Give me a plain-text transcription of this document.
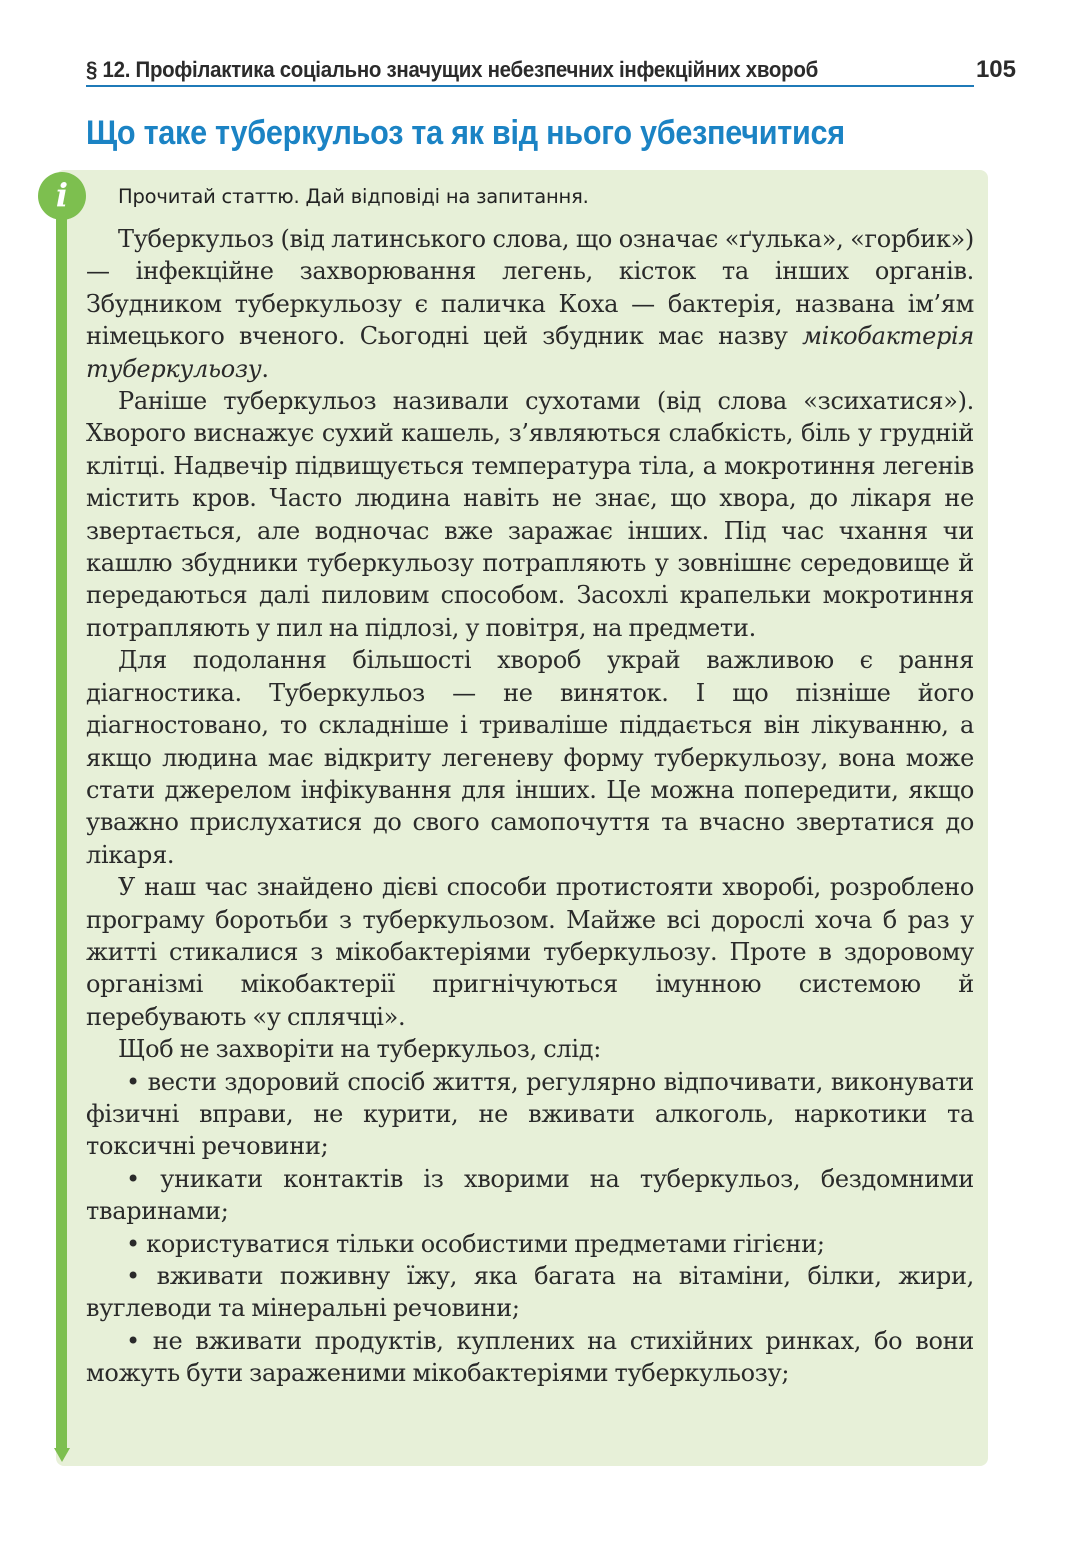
§ 12. Профілактика соціально значущих небезпечних інфекційних хвороб	105
Що таке туберкульоз та як від нього убезпечитися
i	Прочитай статтю. Дай відповіді на запитання.

Туберкульоз (від латинського слова, що означає «ґулька», «горбик») — інфекційне захворювання легень, кісток та інших органів. Збудником туберкульозу є паличка Коха — бактерія, названа ім’ям німецького вченого. Сьогодні цей збудник має назву мікобактерія туберкульозу.

Раніше туберкульоз називали сухотами (від слова «зсихатися»). Хворого виснажує сухий кашель, з’являються слабкість, біль у грудній клітці. Надвечір підвищується температура тіла, а мокротиння легенів містить кров. Часто людина навіть не знає, що хвора, до лікаря не звертається, але водночас вже заражає інших. Під час чхання чи кашлю збудники туберкульозу потрапляють у зовнішнє середовище й передаються далі пиловим способом. Засохлі крапельки мокротиння потрапляють у пил на підлозі, у повітря, на предмети.

Для подолання більшості хвороб украй важливою є рання діагностика. Туберкульоз — не виняток. І що пізніше його діагностовано, то складніше і триваліше піддається він лікуванню, а якщо людина має відкриту легеневу форму туберкульозу, вона може стати джерелом інфікування для інших. Це можна попередити, якщо уважно прислухатися до свого самопочуття та вчасно звертатися до лікаря.

У наш час знайдено дієві способи протистояти хворобі, розроблено програму боротьби з туберкульозом. Майже всі дорослі хоча б раз у житті стикалися з мікобактеріями туберкульозу. Проте в здоровому організмі мікобактерії пригнічуються імунною системою й перебувають «у сплячці».

Щоб не захворіти на туберкульоз, слід:

• вести здоровий спосіб життя, регулярно відпочивати, виконувати фізичні вправи, не курити, не вживати алкоголь, наркотики та токсичні речовини;

• уникати контактів із хворими на туберкульоз, бездомними тваринами;

• користуватися тільки особистими предметами гігієни;

• вживати поживну їжу, яка багата на вітаміни, білки, жири, вуглеводи та мінеральні речовини;

• не вживати продуктів, куплених на стихійних ринках, бо вони можуть бути зараженими мікобактеріями туберкульозу;
